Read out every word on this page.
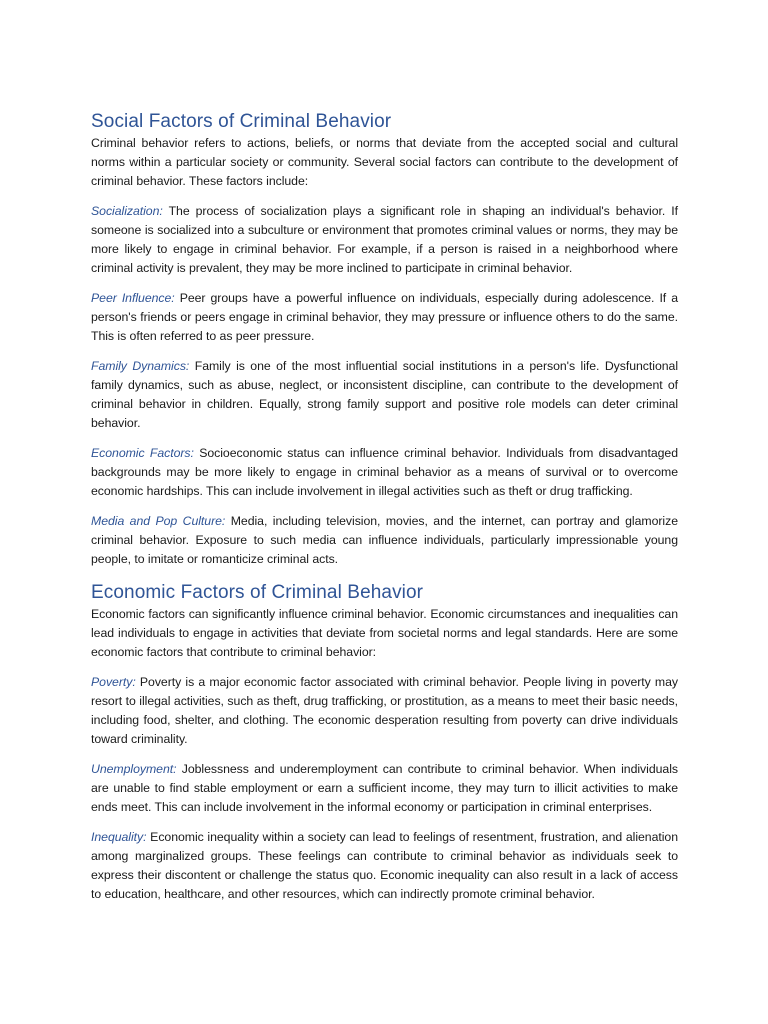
Social Factors of Criminal Behavior

Criminal behavior refers to actions, beliefs, or norms that deviate from the accepted social and cultural norms within a particular society or community. Several social factors can contribute to the development of criminal behavior. These factors include:

Socialization: The process of socialization plays a significant role in shaping an individual's behavior. If someone is socialized into a subculture or environment that promotes criminal values or norms, they may be more likely to engage in criminal behavior. For example, if a person is raised in a neighborhood where criminal activity is prevalent, they may be more inclined to participate in criminal behavior.

Peer Influence: Peer groups have a powerful influence on individuals, especially during adolescence. If a person's friends or peers engage in criminal behavior, they may pressure or influence others to do the same. This is often referred to as peer pressure.

Family Dynamics: Family is one of the most influential social institutions in a person's life. Dysfunctional family dynamics, such as abuse, neglect, or inconsistent discipline, can contribute to the development of criminal behavior in children. Equally, strong family support and positive role models can deter criminal behavior.

Economic Factors: Socioeconomic status can influence criminal behavior. Individuals from disadvantaged backgrounds may be more likely to engage in criminal behavior as a means of survival or to overcome economic hardships. This can include involvement in illegal activities such as theft or drug trafficking.

Media and Pop Culture: Media, including television, movies, and the internet, can portray and glamorize criminal behavior. Exposure to such media can influence individuals, particularly impressionable young people, to imitate or romanticize criminal acts.

Economic Factors of Criminal Behavior

Economic factors can significantly influence criminal behavior. Economic circumstances and inequalities can lead individuals to engage in activities that deviate from societal norms and legal standards. Here are some economic factors that contribute to criminal behavior:

Poverty: Poverty is a major economic factor associated with criminal behavior. People living in poverty may resort to illegal activities, such as theft, drug trafficking, or prostitution, as a means to meet their basic needs, including food, shelter, and clothing. The economic desperation resulting from poverty can drive individuals toward criminality.

Unemployment: Joblessness and underemployment can contribute to criminal behavior. When individuals are unable to find stable employment or earn a sufficient income, they may turn to illicit activities to make ends meet. This can include involvement in the informal economy or participation in criminal enterprises.

Inequality: Economic inequality within a society can lead to feelings of resentment, frustration, and alienation among marginalized groups. These feelings can contribute to criminal behavior as individuals seek to express their discontent or challenge the status quo. Economic inequality can also result in a lack of access to education, healthcare, and other resources, which can indirectly promote criminal behavior.
